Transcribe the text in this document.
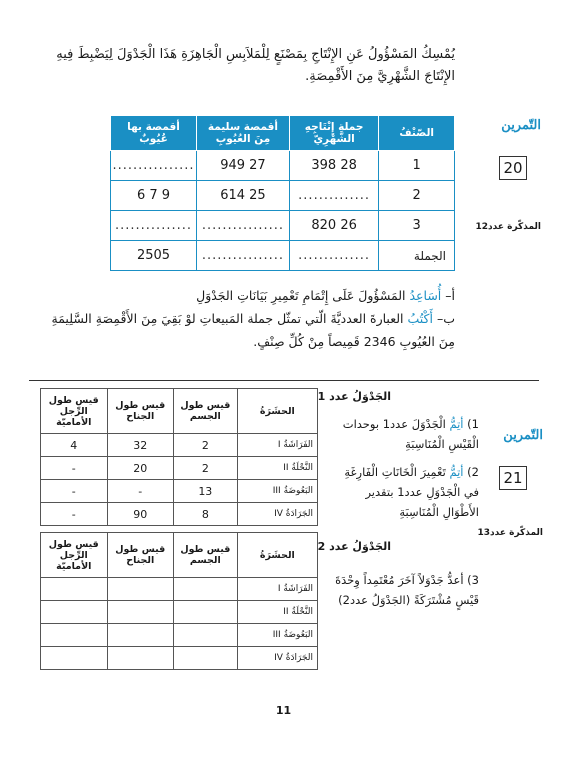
يُمْسِكُ المَسْؤُولُ عَنِ الإِنْتَاجِ بِمَصْنَعٍ لِلْمَلاَبِسِ الْجَاهِزَةِ هَذَا الْجَدْوَلَ لِيَضْبِطَ فِيهِ الإِنْتَاجَ الشَّهْرِيَّ مِنَ الأَقْمِصَةِ.
التّمرين
20
المذكّرة عدد12
الصّنْفُ	جملة إِنْتَاجِهِ الشَّهْرِيّ	أقمصة سليمة مِنَ العُيُوبِ	أقمصة بها عُيُوبٌ
1	28 398	27 949	................
2	..............	25 614	9 7 6
3	26 820	................	...............
الجملة	..............	................	2505
أ– أُسَاعِدُ المَسْؤُولَ عَلَى إِتْمَامِ تَعْمِيرِ بَيَانَاتِ الجَدْوَلِ
ب– أَكْتُبُ العبارةَ العدديَّةَ الّتي تمثّل جملة المَبيعاتِ لوْ بَقِيَ مِنَ الأَقْمِصَةِ السَّلِيمَةِ مِنَ العُيُوبِ 2346 قَمِيصاً مِنْ كُلِّ صِنْفٍ.
التّمرين
21
المذكّرة عدد13
الجَدْوَلُ عدد 1
الحشَرَةُ	قيس طول الجسم	قيس طول الجناح	قيس طول الرِّجل الأماميّة
الفَرَاشَةُ I	2	32	4
النَّحْلَةُ II	2	20	-
البَعُوضَةُ III	13	-	-
الجَرَادَةُ IV	8	90	-
الجَدْوَلُ عدد 2
الحشَرَةُ	قيس طول الجسم	قيس طول الجناح	قيس طول الرِّجل الأماميّة
الفَرَاشَةُ I			
النَّحْلَةُ II			
البَعُوضَةُ III			
الجَرَادَةُ IV			
1) أتِمُّ الْجَدْوَلَ عدد1 بوحدات الْقَيْسِ الْمُنَاسِبَةِ
2) أتِمُّ تَعْمِيرَ الْخَانَاتِ الْفَارِغَةِ في الْجَدْوَلِ عدد1 بتقدير الأَطْوَالِ الْمُنَاسِبَةِ
3) أعدُّ جَدْوَلاً آخَرَ مُعْتَمِداً وِحْدَةَ قَيْسٍ مُشْتَرَكَةً (الجَدْوَلُ عدد2)
11
